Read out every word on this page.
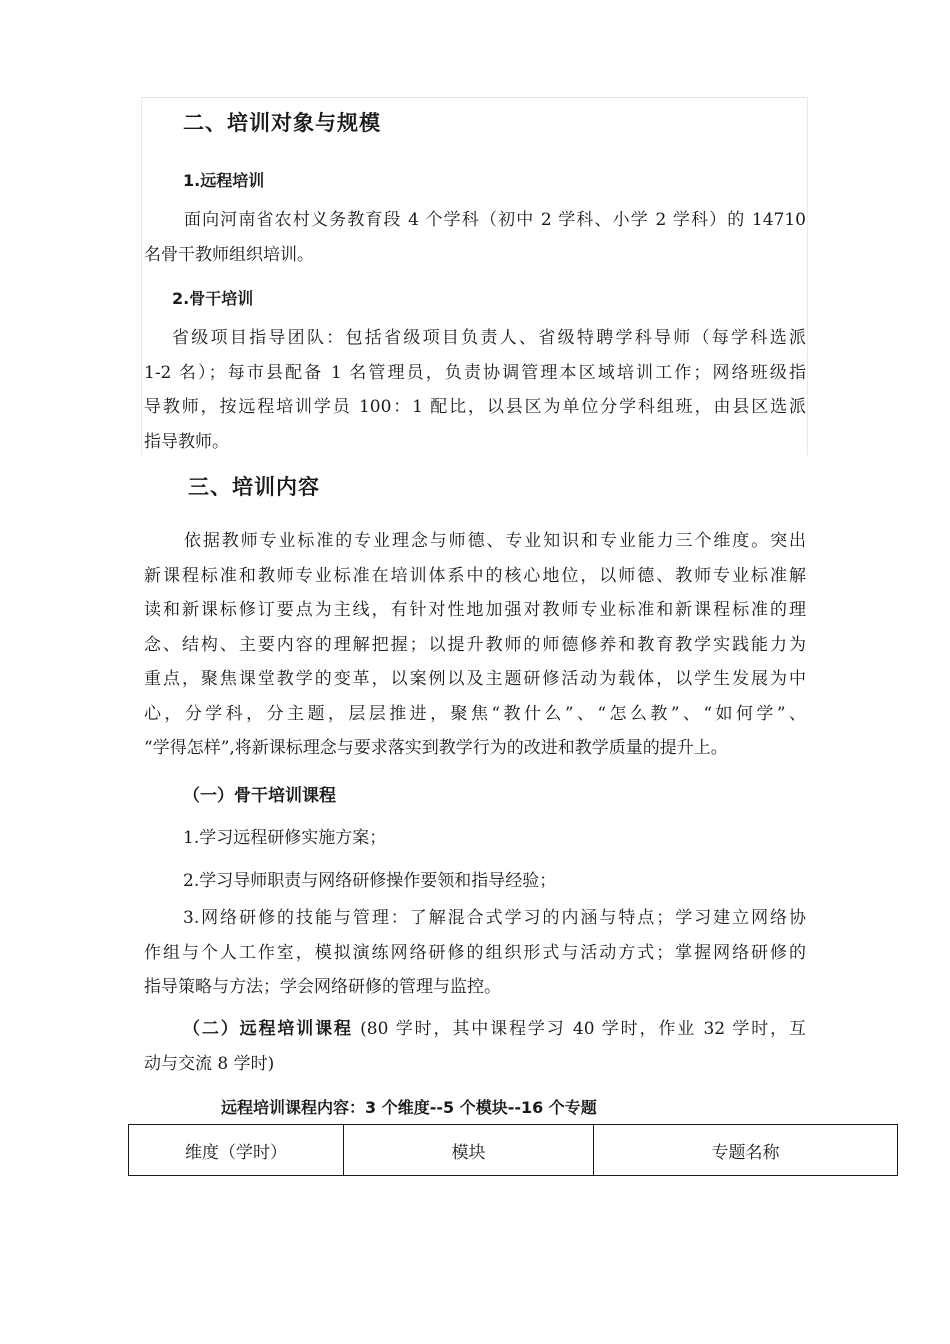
二、培训对象与规模
1.远程培训
面向河南省农村义务教育段 4 个学科（初中 2 学科、小学 2 学科）的 14710
名骨干教师组织培训。
2.骨干培训
省级项目指导团队：包括省级项目负责人、省级特聘学科导师（每学科选派
1-2 名）；每市县配备 1 名管理员，负责协调管理本区域培训工作；网络班级指
导教师，按远程培训学员 100：1 配比，以县区为单位分学科组班，由县区选派
指导教师。
三、培训内容
依据教师专业标准的专业理念与师德、专业知识和专业能力三个维度。突出
新课程标准和教师专业标准在培训体系中的核心地位，以师德、教师专业标准解
读和新课标修订要点为主线，有针对性地加强对教师专业标准和新课程标准的理
念、结构、主要内容的理解把握；以提升教师的师德修养和教育教学实践能力为
重点，聚焦课堂教学的变革，以案例以及主题研修活动为载体，以学生发展为中
心，分学科，分主题，层层推进，聚焦“教什么”、“怎么教”、“如何学”、
“学得怎样”,将新课标理念与要求落实到教学行为的改进和教学质量的提升上。
（一）骨干培训课程
1.学习远程研修实施方案；
2.学习导师职责与网络研修操作要领和指导经验；
3.网络研修的技能与管理：了解混合式学习的内涵与特点；学习建立网络协
作组与个人工作室，模拟演练网络研修的组织形式与活动方式；掌握网络研修的
指导策略与方法；学会网络研修的管理与监控。
（二）远程培训课程 (80 学时，其中课程学习 40 学时，作业 32 学时，互
动与交流 8 学时)
远程培训课程内容：3 个维度--5 个模块--16 个专题
维度（学时）	模块	专题名称
